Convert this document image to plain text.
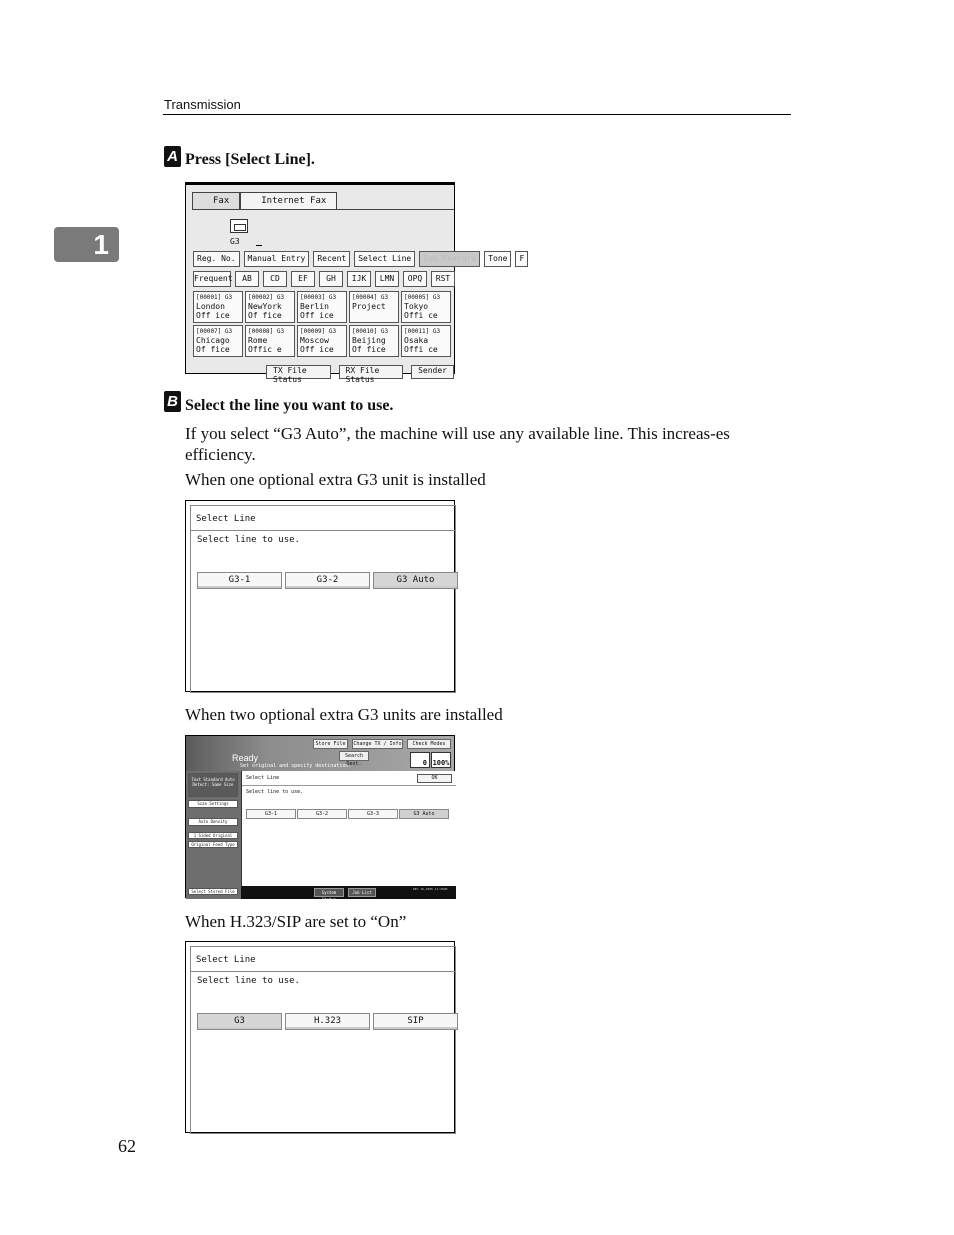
Transmission
1
A Press [Select Line].
Fax	Internet Fax
G3
Reg. No.	Manual Entry	Recent	Select Line	Sub Feature	Tone	F
Frequent	AB	CD	EF	GH	IJK	LMN	OPQ	RST
[00001] G3
London Off ice
[00002] G3
NewYork Of fice
[00003] G3
Berlin Off ice
[00004] G3
Project
[00005] G3
Tokyo Offi ce
[00007] G3
Chicago Of fice
[00008] G3
Rome Offic e
[00009] G3
Moscow Off ice
[00010] G3
Beijing Of fice
[00011] G3
Osaka Offi ce
TX File Status
RX File Status
Sender
B Select the line you want to use.
If you select “G3 Auto”, the machine will use any available line. This increas-es efficiency.
When one optional extra G3 unit is installed
Select Line
Select line to use.
G3-1	G3-2	G3 Auto
When two optional extra G3 units are installed
Store File	Change TX / Info	Check Modes
Ready
Set original and specify destination.
Search Dest.	0 100%
Text Standard Auto Detect: Same Size
Scan Settings
Auto Density
1 Sided Original
Original Feed Type
Select Stored File
Select Line	OK
Select line to use.
G3-1	G3-2	G3-3	G3 Auto
System Status
Job List
DEC 16,2005 11:26AM
When H.323/SIP are set to “On”
Select Line
Select line to use.
G3	H.323	SIP
62
